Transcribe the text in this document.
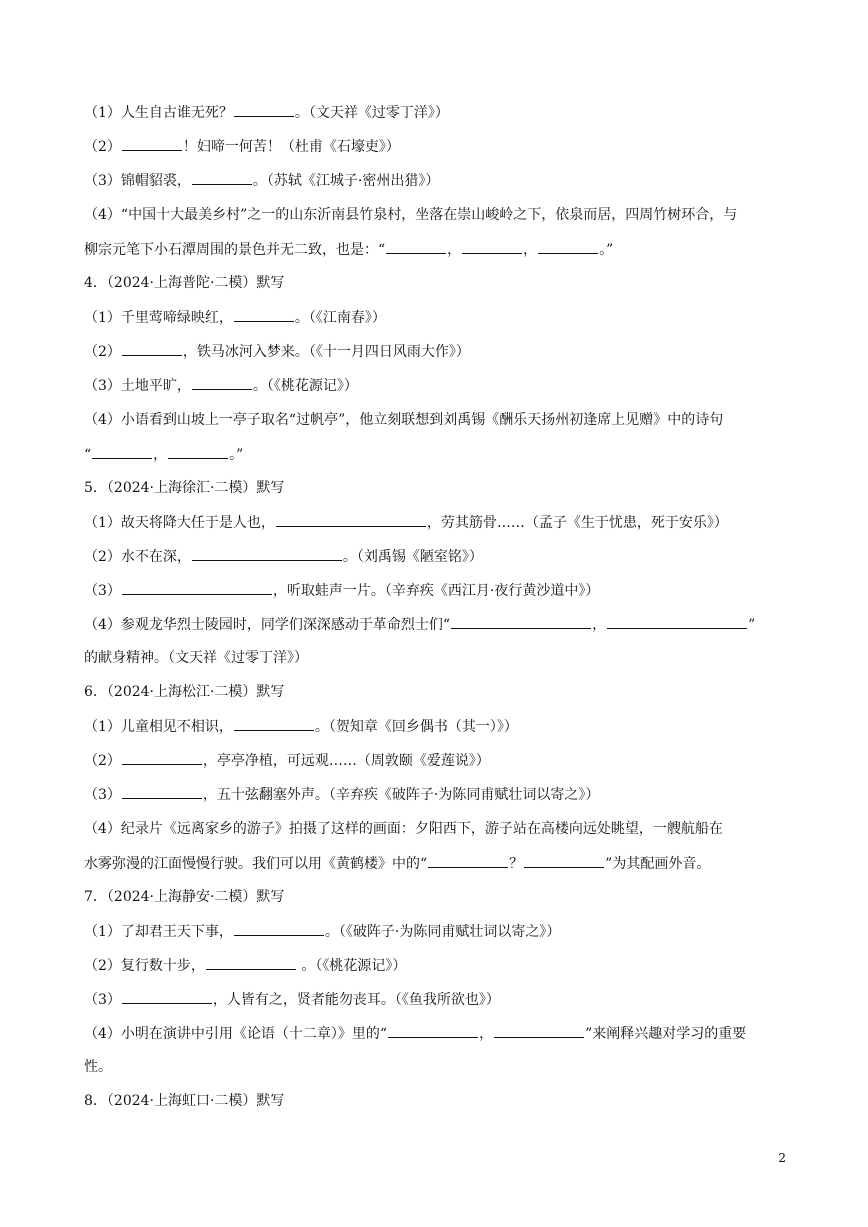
（1）人生自古谁无死？	。（文天祥《过零丁洋》）
（2）	！妇啼一何苦！（杜甫《石壕吏》）
（3）锦帽貂裘，	。（苏轼《江城子·密州出猎》）
（4）“中国十大最美乡村”之一的山东沂南县竹泉村，坐落在崇山峻岭之下，依泉而居，四周竹树环合，与
柳宗元笔下小石潭周围的景色并无二致，也是：“	，	，	。”
4．（2024·上海普陀·二模）默写
（1）千里莺啼绿映红，	。（《江南春》）
（2）	，铁马冰河入梦来。（《十一月四日风雨大作》）
（3）土地平旷，	。（《桃花源记》）
（4）小语看到山坡上一亭子取名“过帆亭”，他立刻联想到刘禹锡《酬乐天扬州初逢席上见赠》中的诗句
“	，	。”
5．（2024·上海徐汇·二模）默写
（1）故天将降大任于是人也，	，劳其筋骨……（孟子《生于忧患，死于安乐》）
（2）水不在深，	。（刘禹锡《陋室铭》）
（3）	，听取蛙声一片。（辛弃疾《西江月·夜行黄沙道中》）
（4）参观龙华烈士陵园时，同学们深深感动于革命烈士们“	，	”
的献身精神。（文天祥《过零丁洋》）
6．（2024·上海松江·二模）默写
（1）儿童相见不相识，	。（贺知章《回乡偶书（其一）》）
（2）	，亭亭净植，可远观……（周敦颐《爱莲说》）
（3）	，五十弦翻塞外声。（辛弃疾《破阵子·为陈同甫赋壮词以寄之》）
（4）纪录片《远离家乡的游子》拍摄了这样的画面：夕阳西下，游子站在高楼向远处眺望，一艘航船在
水雾弥漫的江面慢慢行驶。我们可以用《黄鹤楼》中的“	？	”为其配画外音。
7．（2024·上海静安·二模）默写
（1）了却君王天下事，	。（《破阵子·为陈同甫赋壮词以寄之》）
（2）复行数十步，	。（《桃花源记》）
（3）	，人皆有之，贤者能勿丧耳。（《鱼我所欲也》）
（4）小明在演讲中引用《论语（十二章）》里的“	，	”来阐释兴趣对学习的重要
性。
8．（2024·上海虹口·二模）默写
2
